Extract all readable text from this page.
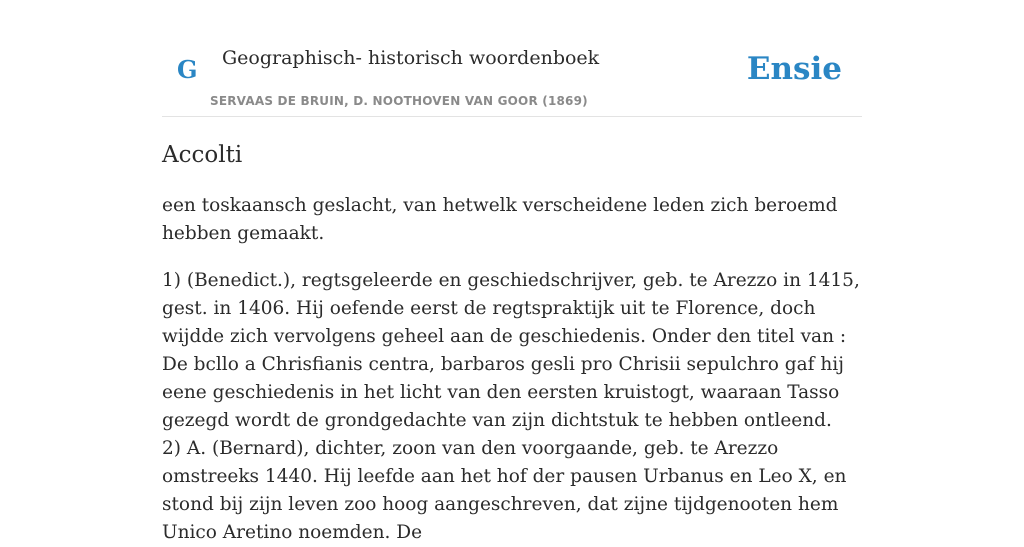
G Geographisch- historisch woordenboek
SERVAAS DE BRUIN, D. NOOTHOVEN VAN GOOR (1869)
Ensie
Accolti

een toskaansch geslacht, van hetwelk verscheidene leden zich beroemd hebben gemaakt.

1) (Benedict.), regtsgeleerde en geschiedschrijver, geb. te Arezzo in 1415, gest. in 1406. Hij oefende eerst de regtspraktijk uit te Florence, doch wijdde zich vervolgens geheel aan de geschiedenis. Onder den titel van : De bcllo a Chrisfianis centra, barbaros gesli pro Chrisii sepulchro gaf hij eene geschiedenis in het licht van den eersten kruistogt, waaraan Tasso gezegd wordt de grondgedachte van zijn dichtstuk te hebben ontleend.

2) A. (Bernard), dichter, zoon van den voorgaande, geb. te Arezzo omstreeks 1440. Hij leefde aan het hof der pausen Urbanus en Leo X, en stond bij zijn leven zoo hoog aangeschreven, dat zijne tijdgenooten hem Unico Aretino noemden. De
